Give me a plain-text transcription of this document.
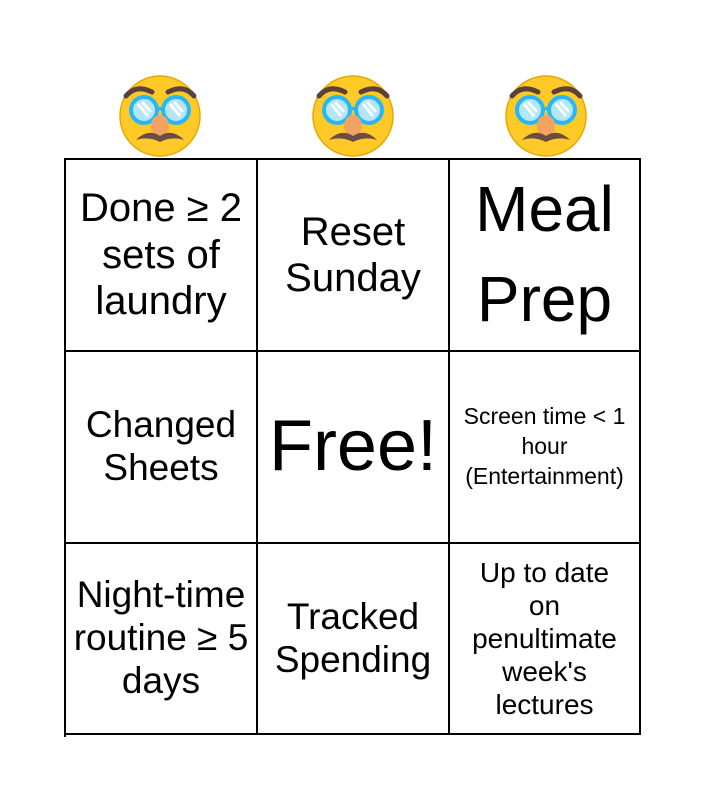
Done ≥ 2 sets of laundry
Reset Sunday
Meal Prep
Changed Sheets Free!	Screen time < 1 hour (Entertainment)
Night-time routine ≥ 5 days
Tracked Spending
Up to date on penultimate week's lectures
